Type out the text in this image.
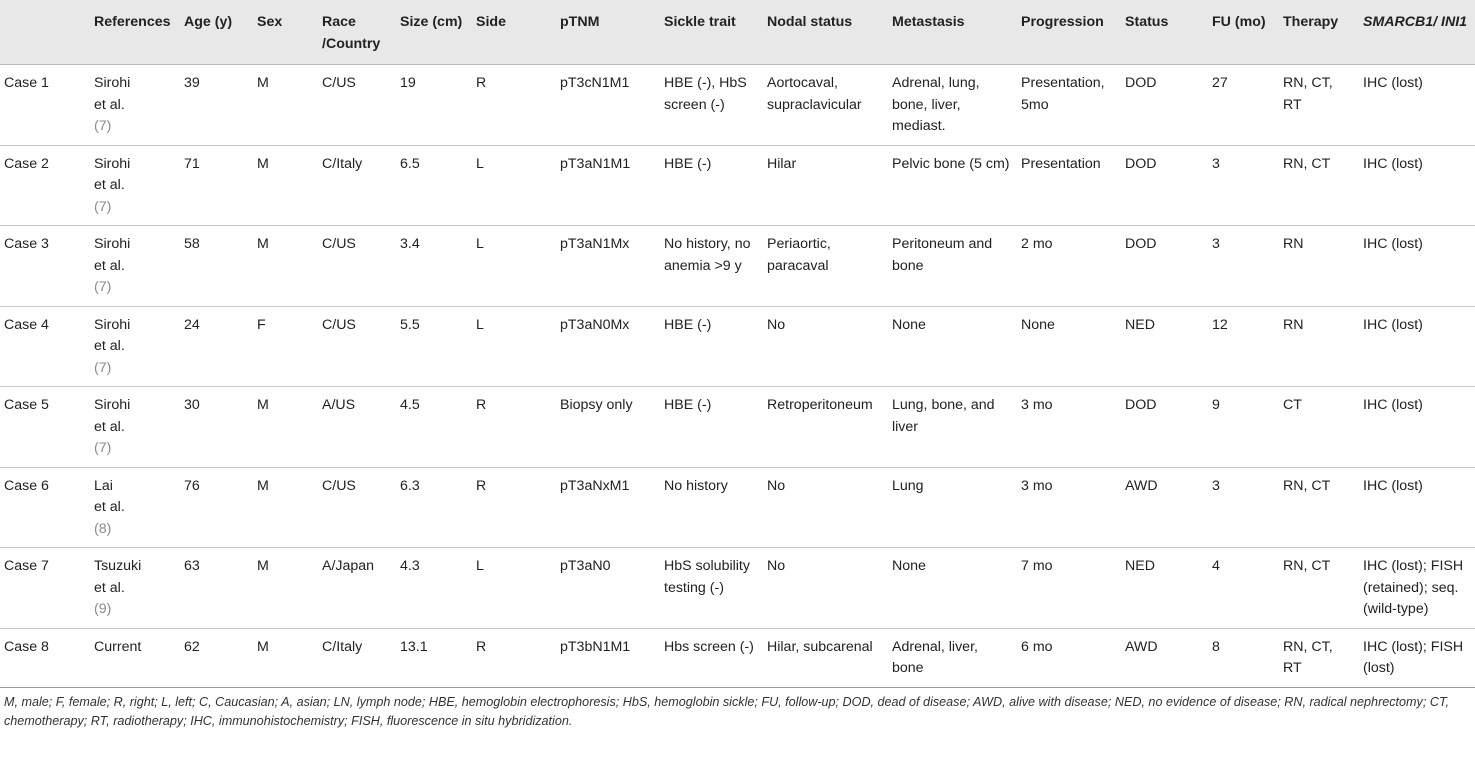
	References	Age (y)	Sex	Race /Country	Size (cm)	Side	pTNM	Sickle trait	Nodal status	Metastasis	Progression	Status	FU (mo)	Therapy	SMARCB1/ INI1
Case 1	Sirohi
et al.
(7)	39	M	C/US	19	R	pT3cN1M1	HBE (-), HbS screen (-)	Aortocaval, supraclavicular	Adrenal, lung, bone, liver, mediast.	Presentation, 5mo	DOD	27	RN, CT, RT	IHC (lost)
Case 2	Sirohi
et al.
(7)	71	M	C/Italy	6.5	L	pT3aN1M1	HBE (-)	Hilar	Pelvic bone (5 cm)	Presentation	DOD	3	RN, CT	IHC (lost)
Case 3	Sirohi
et al.
(7)	58	M	C/US	3.4	L	pT3aN1Mx	No history, no anemia >9 y	Periaortic, paracaval	Peritoneum and bone	2 mo	DOD	3	RN	IHC (lost)
Case 4	Sirohi
et al.
(7)	24	F	C/US	5.5	L	pT3aN0Mx	HBE (-)	No	None	None	NED	12	RN	IHC (lost)
Case 5	Sirohi
et al.
(7)	30	M	A/US	4.5	R	Biopsy only	HBE (-)	Retroperitoneum	Lung, bone, and liver	3 mo	DOD	9	CT	IHC (lost)
Case 6	Lai
et al.
(8)	76	M	C/US	6.3	R	pT3aNxM1	No history	No	Lung	3 mo	AWD	3	RN, CT	IHC (lost)
Case 7	Tsuzuki
et al.
(9)	63	M	A/Japan	4.3	L	pT3aN0	HbS solubility testing (-)	No	None	7 mo	NED	4	RN, CT	IHC (lost); FISH (retained); seq. (wild-type)
Case 8	Current	62	M	C/Italy	13.1	R	pT3bN1M1	Hbs screen (-)	Hilar, subcarenal	Adrenal, liver, bone	6 mo	AWD	8	RN, CT, RT	IHC (lost); FISH (lost)
M, male; F, female; R, right; L, left; C, Caucasian; A, asian; LN, lymph node; HBE, hemoglobin electrophoresis; HbS, hemoglobin sickle; FU, follow-up; DOD, dead of disease; AWD, alive with disease; NED, no evidence of disease; RN, radical nephrectomy; CT, chemotherapy; RT, radiotherapy; IHC, immunohistochemistry; FISH, fluorescence in situ hybridization.															
